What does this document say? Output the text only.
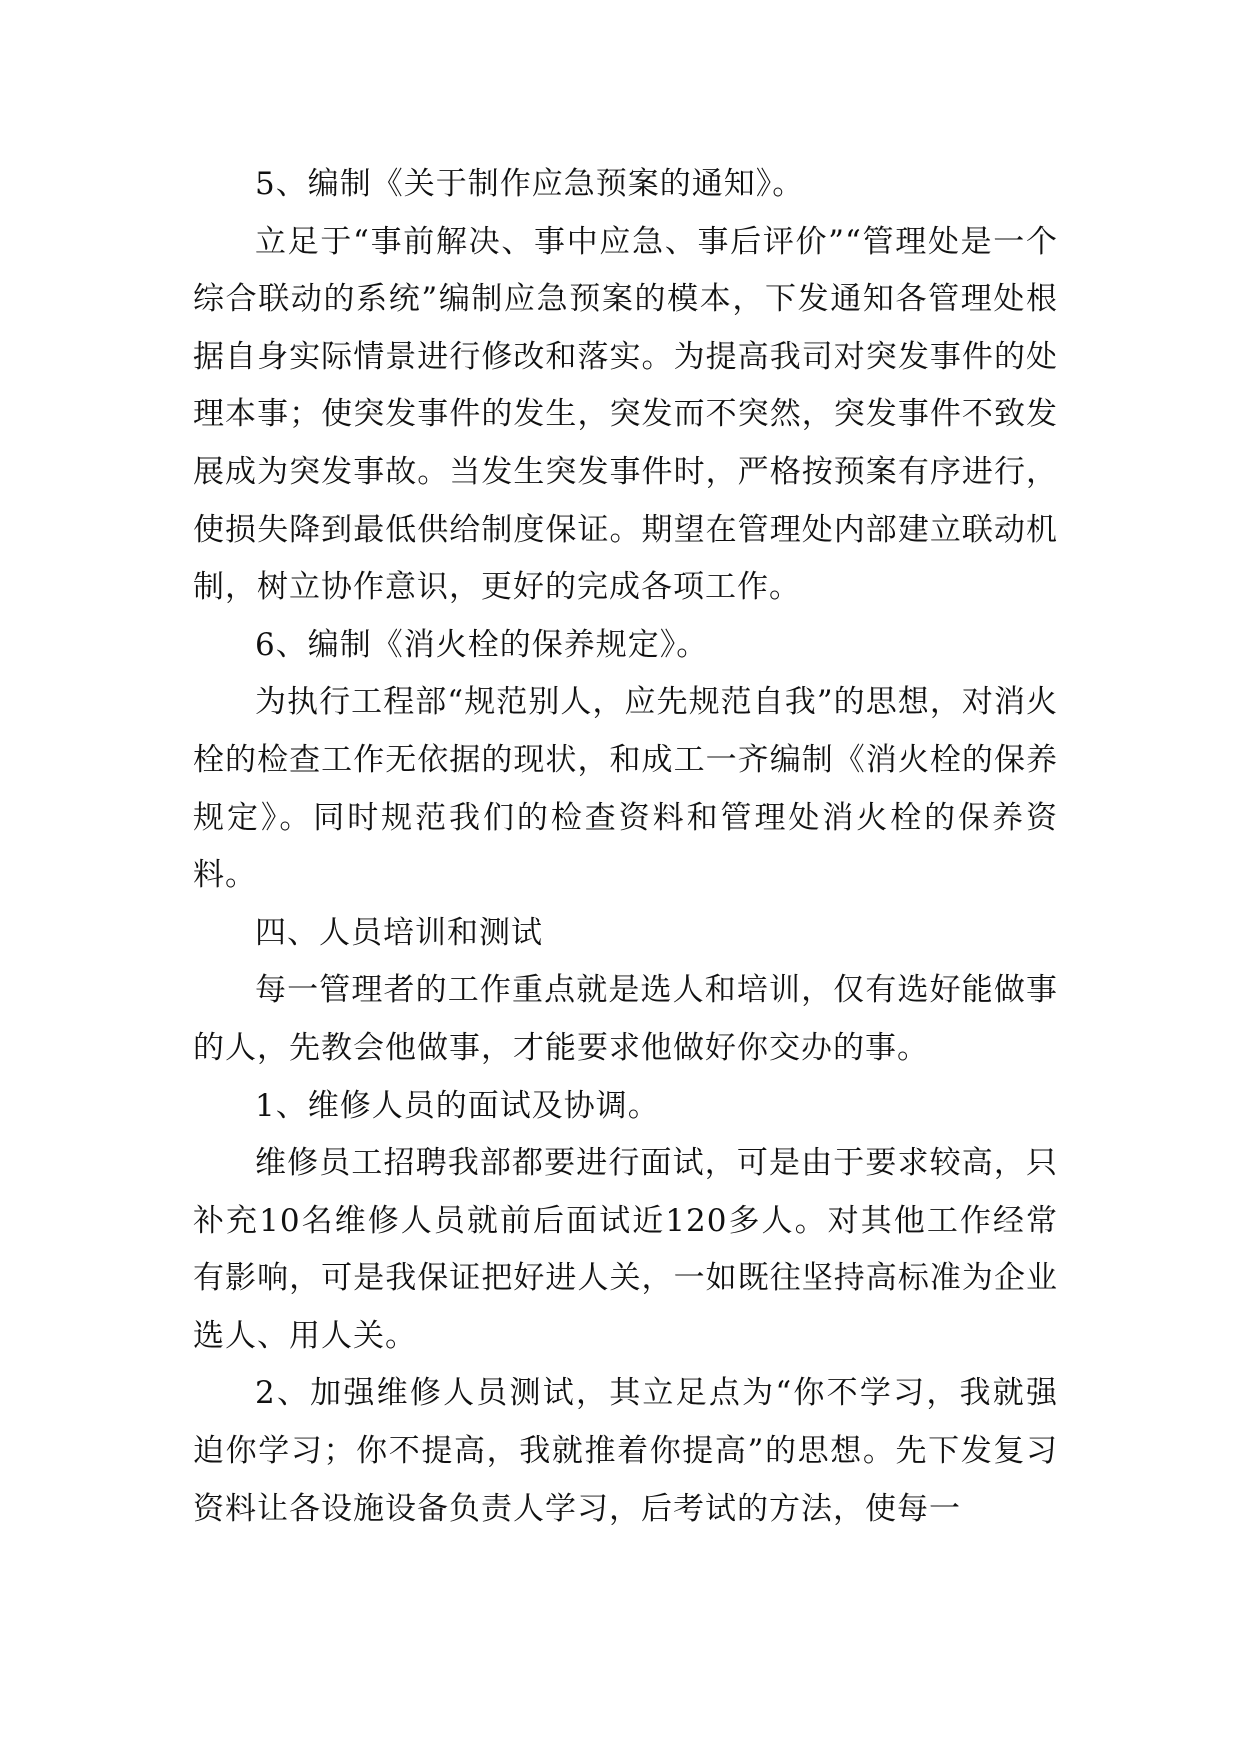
5、编制《关于制作应急预案的通知》。

立足于“事前解决、事中应急、事后评价”“管理处是一个综合联动的系统”编制应急预案的模本，下发通知各管理处根据自身实际情景进行修改和落实。为提高我司对突发事件的处理本事；使突发事件的发生，突发而不突然，突发事件不致发展成为突发事故。当发生突发事件时，严格按预案有序进行，使损失降到最低供给制度保证。期望在管理处内部建立联动机制，树立协作意识，更好的完成各项工作。

6、编制《消火栓的保养规定》。

为执行工程部“规范别人，应先规范自我”的思想，对消火栓的检查工作无依据的现状，和成工一齐编制《消火栓的保养规定》。同时规范我们的检查资料和管理处消火栓的保养资料。

四、人员培训和测试

每一管理者的工作重点就是选人和培训，仅有选好能做事的人，先教会他做事，才能要求他做好你交办的事。

1、维修人员的面试及协调。

维修员工招聘我部都要进行面试，可是由于要求较高，只补充10名维修人员就前后面试近120多人。对其他工作经常有影响，可是我保证把好进人关，一如既往坚持高标准为企业选人、用人关。

2、加强维修人员测试，其立足点为“你不学习，我就强迫你学习；你不提高，我就推着你提高”的思想。先下发复习资料让各设施设备负责人学习，后考试的方法，使每一
